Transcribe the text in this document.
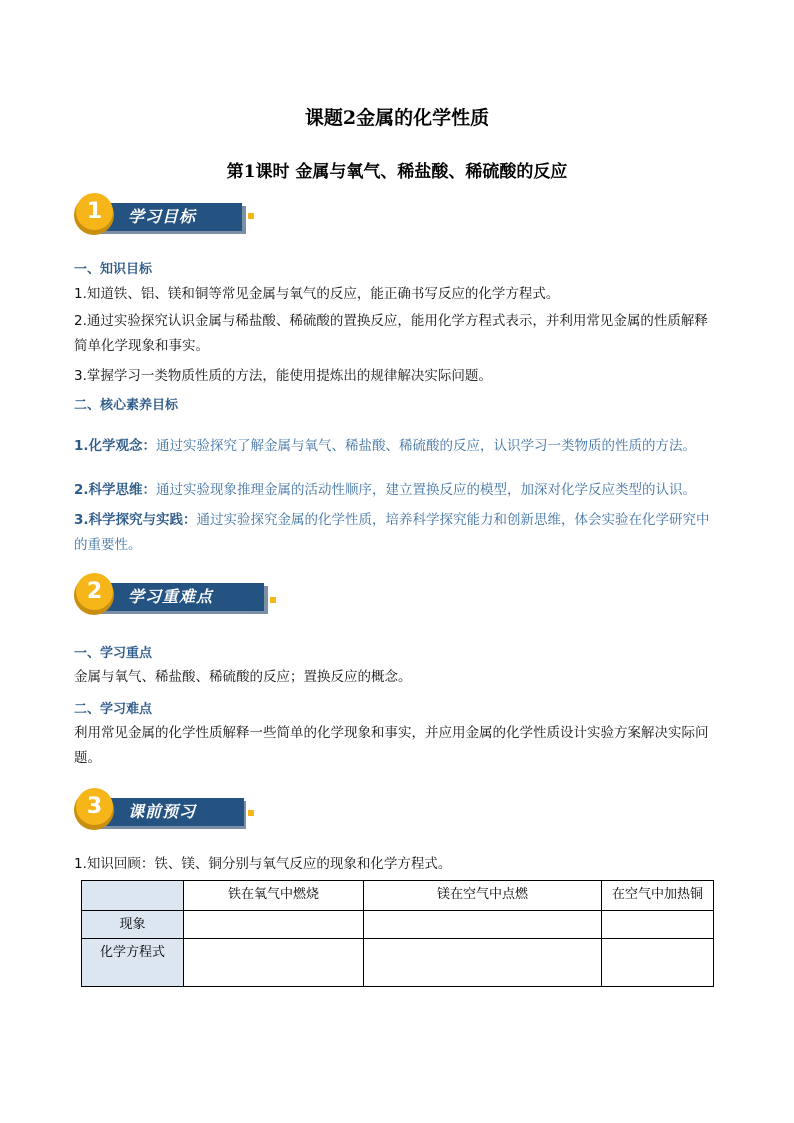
课题2金属的化学性质
第1课时 金属与氧气、稀盐酸、稀硫酸的反应
学习目标
1
一、知识目标
1.知道铁、铝、镁和铜等常见金属与氧气的反应，能正确书写反应的化学方程式。
2.通过实验探究认识金属与稀盐酸、稀硫酸的置换反应，能用化学方程式表示，并利用常见金属的性质解释简单化学现象和事实。
3.掌握学习一类物质性质的方法，能使用提炼出的规律解决实际问题。
二、核心素养目标
1.化学观念：通过实验探究了解金属与氧气、稀盐酸、稀硫酸的反应，认识学习一类物质的性质的方法。
2.科学思维：通过实验现象推理金属的活动性顺序，建立置换反应的模型，加深对化学反应类型的认识。
3.科学探究与实践：通过实验探究金属的化学性质，培养科学探究能力和创新思维，体会实验在化学研究中的重要性。
学习重难点
2
一、学习重点
金属与氧气、稀盐酸、稀硫酸的反应；置换反应的概念。
二、学习难点
利用常见金属的化学性质解释一些简单的化学现象和事实，并应用金属的化学性质设计实验方案解决实际问题。
课前预习
3
1.知识回顾：铁、镁、铜分别与氧气反应的现象和化学方程式。
	铁在氧气中燃烧	镁在空气中点燃	在空气中加热铜
现象			
化学方程式			
